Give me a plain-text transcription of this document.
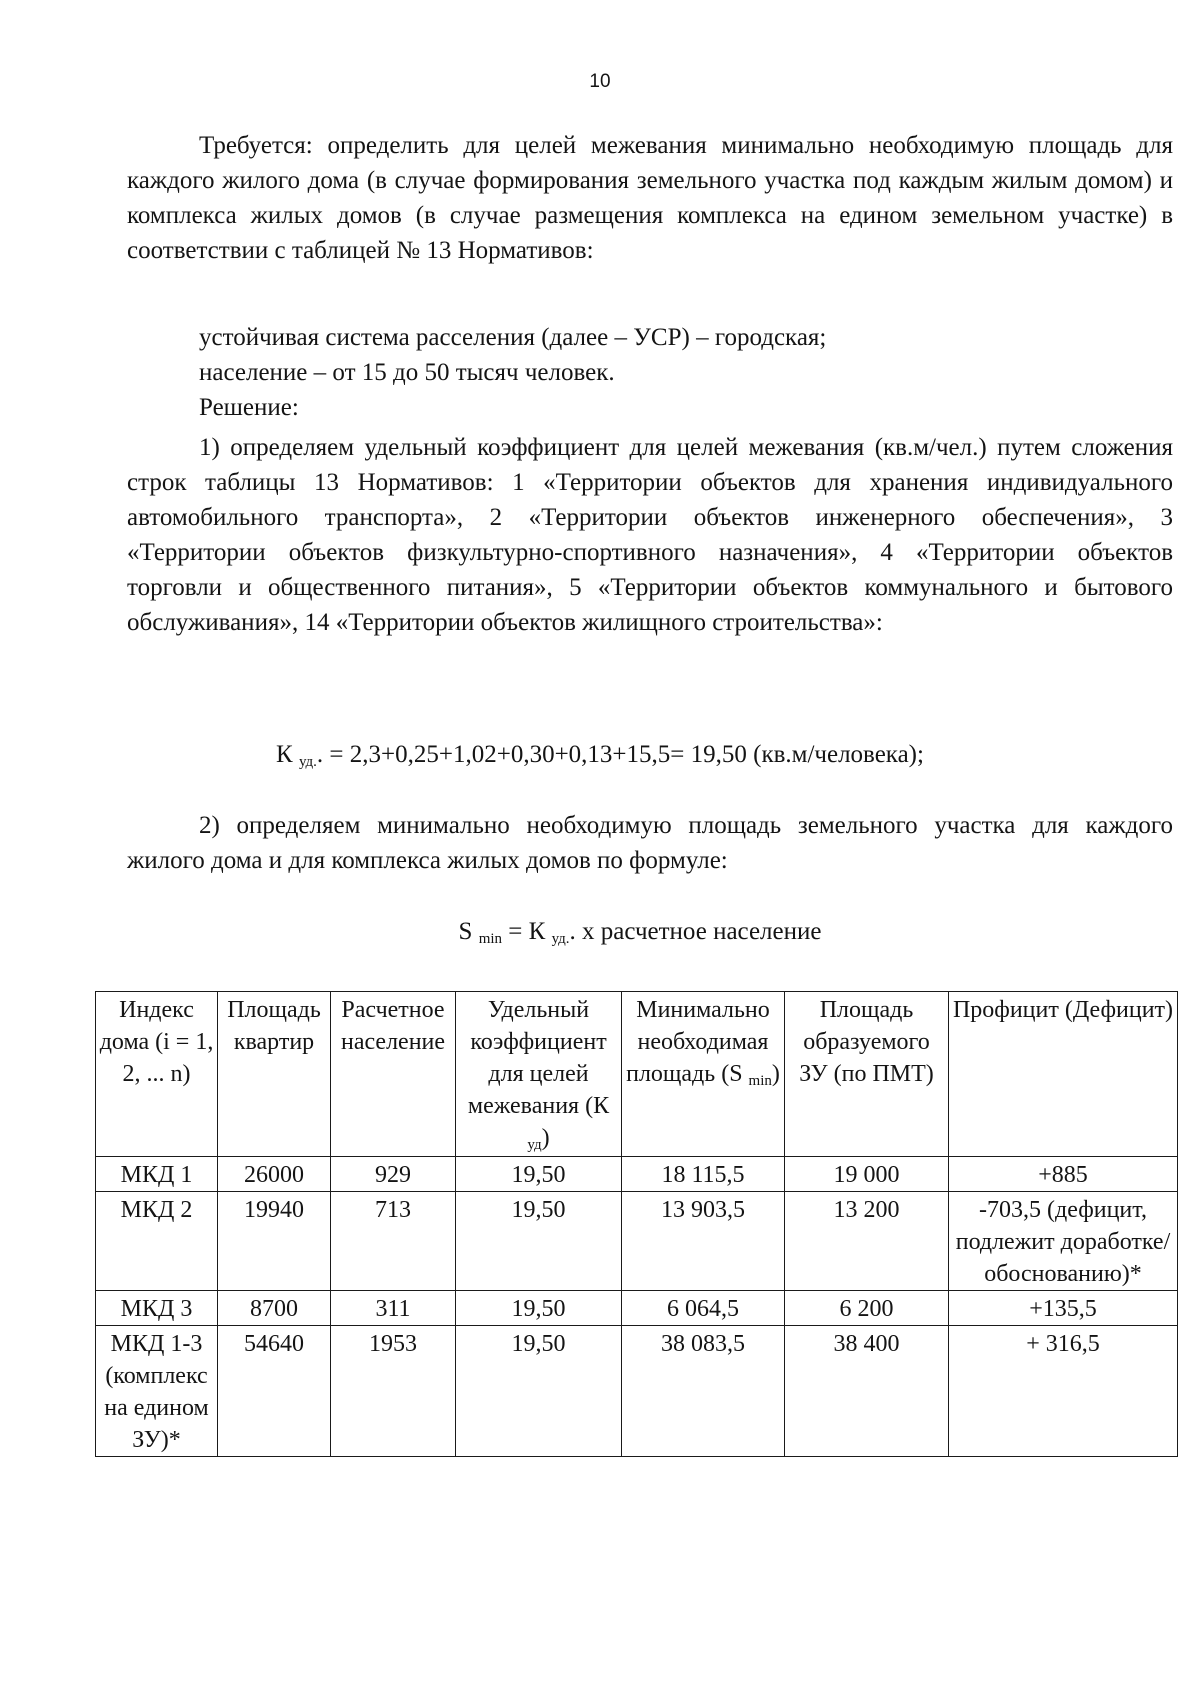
10

Требуется: определить для целей межевания минимально необходимую площадь для каждого жилого дома (в случае формирования земельного участка под каждым жилым домом) и комплекса жилых домов (в случае размещения комплекса на едином земельном участке) в соответствии с таблицей № 13 Нормативов:

устойчивая система расселения (далее – УСР) – городская;

население – от 15 до 50 тысяч человек.

Решение:

1) определяем удельный коэффициент для целей межевания (кв.м/чел.) путем сложения строк таблицы 13 Нормативов: 1 «Территории объектов для хранения индивидуального автомобильного транспорта», 2 «Территории объектов инженерного обеспечения», 3 «Территории объектов физкультурно-спортивного назначения», 4 «Территории объектов торговли и общественного питания», 5 «Территории объектов коммунального и бытового обслуживания», 14 «Территории объектов жилищного строительства»:

К $_{уд.}$. = 2,3+0,25+1,02+0,30+0,13+15,5= 19,50 (кв.м/человека);

2) определяем минимально необходимую площадь земельного участка для каждого жилого дома и для комплекса жилых домов по формуле:

S $_{min}$ = К $_{уд.}$. х расчетное население

Индекс дома (i = 1, 2, ... n)	Площадь квартир	Расчетное население	Удельный коэффициент для целей межевания (К $_{уд}$)	Минимально необходимая площадь (S $_{min}$)	Площадь образуемого ЗУ (по ПМТ)	Профицит (Дефицит)
МКД 1	26000	929	19,50	18 115,5	19 000	+885
МКД 2	19940	713	19,50	13 903,5	13 200	-703,5 (дефицит, подлежит доработке/ обоснованию)*
МКД 3	8700	311	19,50	6 064,5	6 200	+135,5
МКД 1-3 (комплекс на едином ЗУ)*	54640	1953	19,50	38 083,5	38 400	+ 316,5
